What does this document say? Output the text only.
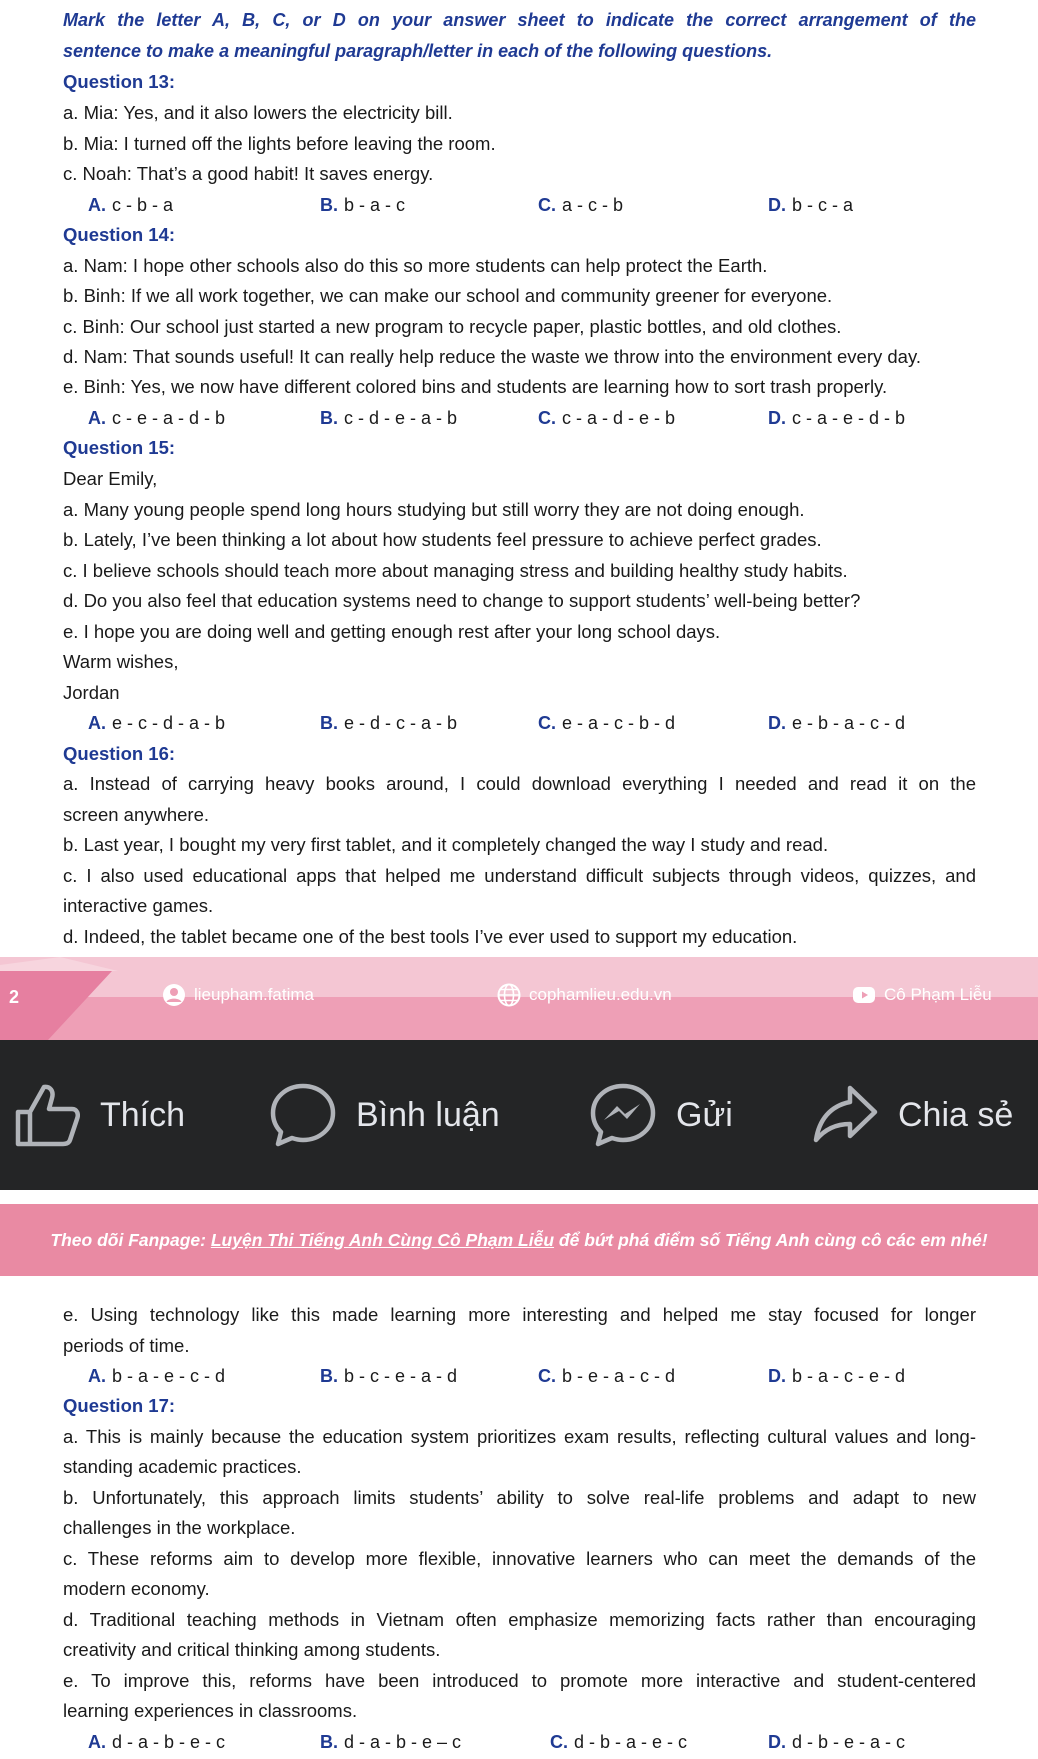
Mark the letter A, B, C, or D on your answer sheet to indicate the correct arrangement of the
sentence to make a meaningful paragraph/letter in each of the following questions.
Question 13:
a. Mia: Yes, and it also lowers the electricity bill.
b. Mia: I turned off the lights before leaving the room.
c. Noah: That’s a good habit! It saves energy.
A. c - b - a	B. b - a - c	C. a - c - b	D. b - c - a
Question 14:
a. Nam: I hope other schools also do this so more students can help protect the Earth.
b. Binh: If we all work together, we can make our school and community greener for everyone.
c. Binh: Our school just started a new program to recycle paper, plastic bottles, and old clothes.
d. Nam: That sounds useful! It can really help reduce the waste we throw into the environment every day.
e. Binh: Yes, we now have different colored bins and students are learning how to sort trash properly.
A. c - e - a - d - b	B. c - d - e - a - b	C. c - a - d - e - b	D. c - a - e - d - b
Question 15:
Dear Emily,
a. Many young people spend long hours studying but still worry they are not doing enough.
b. Lately, I’ve been thinking a lot about how students feel pressure to achieve perfect grades.
c. I believe schools should teach more about managing stress and building healthy study habits.
d. Do you also feel that education systems need to change to support students’ well-being better?
e. I hope you are doing well and getting enough rest after your long school days.
Warm wishes,
Jordan
A. e - c - d - a - b	B. e - d - c - a - b	C. e - a - c - b - d	D. e - b - a - c - d
Question 16:
a. Instead of carrying heavy books around, I could download everything I needed and read it on the
screen anywhere.
b. Last year, I bought my very first tablet, and it completely changed the way I study and read.
c. I also used educational apps that helped me understand difficult subjects through videos, quizzes, and
interactive games.
d. Indeed, the tablet became one of the best tools I’ve ever used to support my education.
2	lieupham.fatima	cophamlieu.edu.vn	Cô Phạm Liễu
Thích	Bình luận	Gửi	Chia sẻ
Theo dõi Fanpage: Luyện Thi Tiếng Anh Cùng Cô Phạm Liễu để bứt phá điểm số Tiếng Anh cùng cô các em nhé!
e. Using technology like this made learning more interesting and helped me stay focused for longer
periods of time.
A. b - a - e - c - d	B. b - c - e - a - d	C. b - e - a - c - d	D. b - a - c - e - d
Question 17:
a. This is mainly because the education system prioritizes exam results, reflecting cultural values and long-
standing academic practices.
b. Unfortunately, this approach limits students’ ability to solve real-life problems and adapt to new
challenges in the workplace.
c. These reforms aim to develop more flexible, innovative learners who can meet the demands of the
modern economy.
d. Traditional teaching methods in Vietnam often emphasize memorizing facts rather than encouraging
creativity and critical thinking among students.
e. To improve this, reforms have been introduced to promote more interactive and student-centered
learning experiences in classrooms.
A. d - a - b - e - c	B. d - a - b - e – c	C. d - b - a - e - c	D. d - b - e - a - c
